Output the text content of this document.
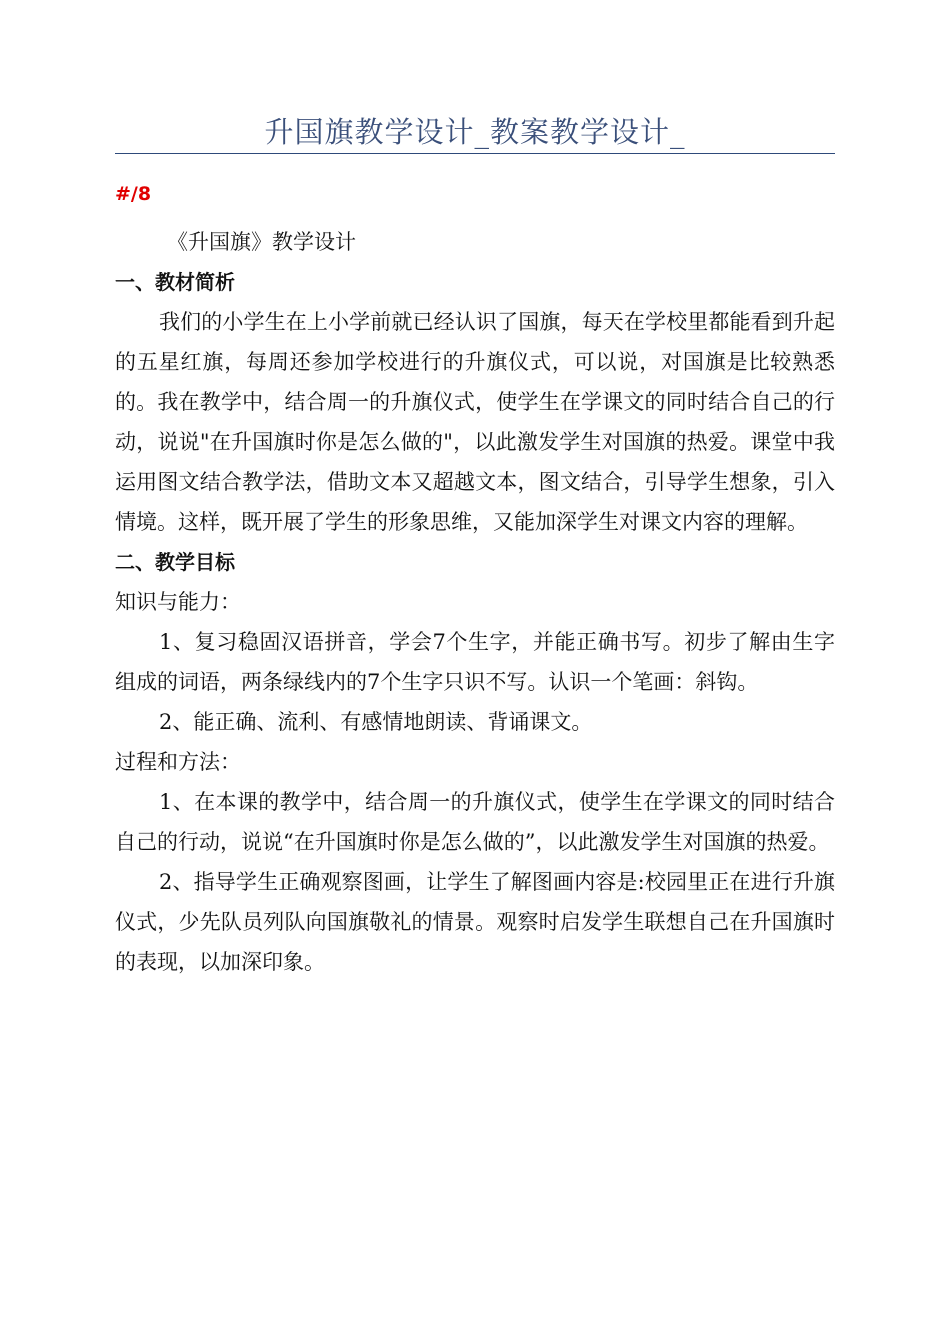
升国旗教学设计_教案教学设计_
#/8

《升国旗》教学设计

一、教材简析

我们的小学生在上小学前就已经认识了国旗，每天在学校里都能看到升起的五星红旗，每周还参加学校进行的升旗仪式，可以说，对国旗是比较熟悉的。我在教学中，结合周一的升旗仪式，使学生在学课文的同时结合自己的行动，说说"在升国旗时你是怎么做的"，以此激发学生对国旗的热爱。课堂中我运用图文结合教学法，借助文本又超越文本，图文结合，引导学生想象，引入情境。这样，既开展了学生的形象思维，又能加深学生对课文内容的理解。

二、教学目标

知识与能力：

1、复习稳固汉语拼音，学会7个生字，并能正确书写。初步了解由生字组成的词语，两条绿线内的7个生字只识不写。认识一个笔画：斜钩。

2、能正确、流利、有感情地朗读、背诵课文。

过程和方法：

1、在本课的教学中，结合周一的升旗仪式，使学生在学课文的同时结合自己的行动，说说“在升国旗时你是怎么做的”，以此激发学生对国旗的热爱。

2、指导学生正确观察图画，让学生了解图画内容是:校园里正在进行升旗仪式，少先队员列队向国旗敬礼的情景。观察时启发学生联想自己在升国旗时的表现，以加深印象。
